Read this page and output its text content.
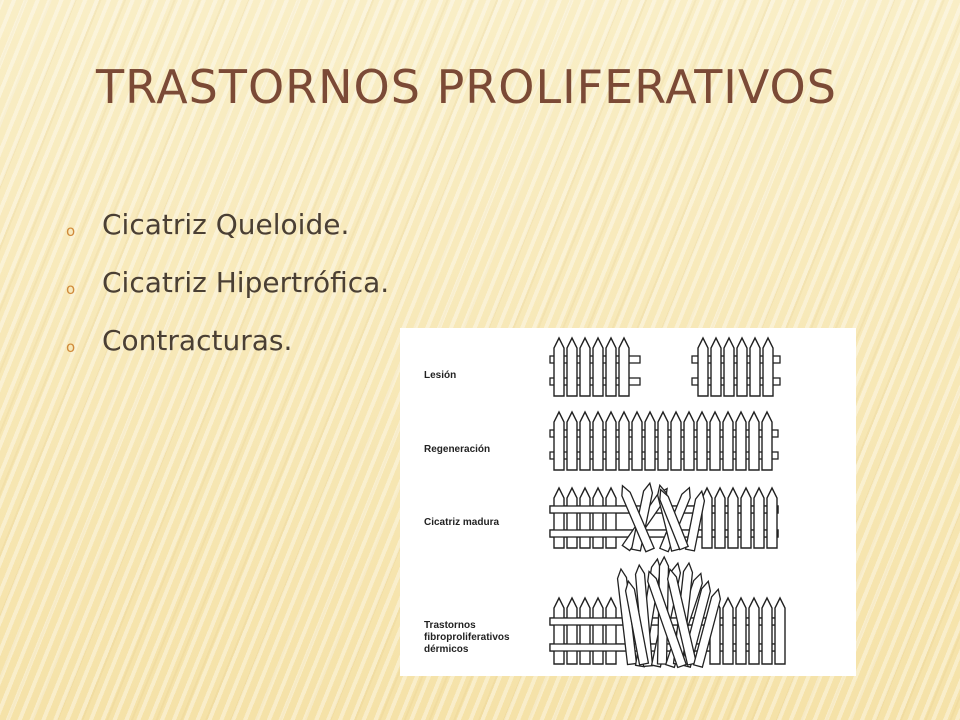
TRASTORNOS PROLIFERATIVOS
o Cicatriz Queloide.
o Cicatriz Hipertrófica.
o Contracturas.
Lesión
Regeneración
Cicatriz madura
Trastornos
fibroproliferativos
dérmicos
